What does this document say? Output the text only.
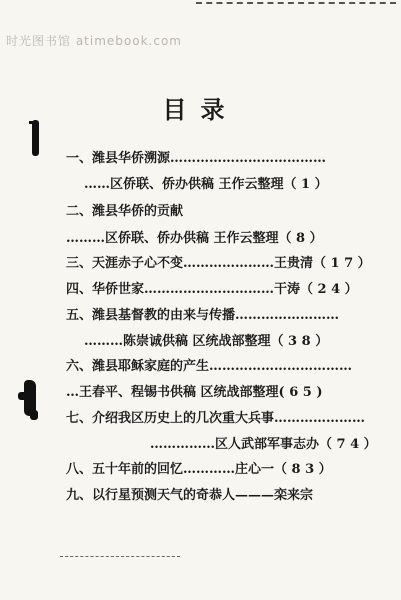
时光图书馆 atimebook.com
目录
一、潍县华侨溯源………………………………
……区侨联、侨办供稿 王作云整理（ 1 ）
二、潍县华侨的贡献
………区侨联、侨办供稿 王作云整理（ 8 ）
三、天涯赤子心不变…………………王贵清（ 1 7 ）
四、华侨世家…………………………干涛（ 2 4 ）
五、潍县基督教的由来与传播……………………
………陈崇诚供稿 区统战部整理（ 3 8 ）
六、潍县耶稣家庭的产生……………………………
…王春平、程锡书供稿 区统战部整理( 6 5 )
七、介绍我区历史上的几次重大兵事…………………
……………区人武部军事志办（ 7 4 ）
八、五十年前的回忆…………庄心一（ 8 3 ）
九、以行星预测天气的奇恭人———栾来宗
